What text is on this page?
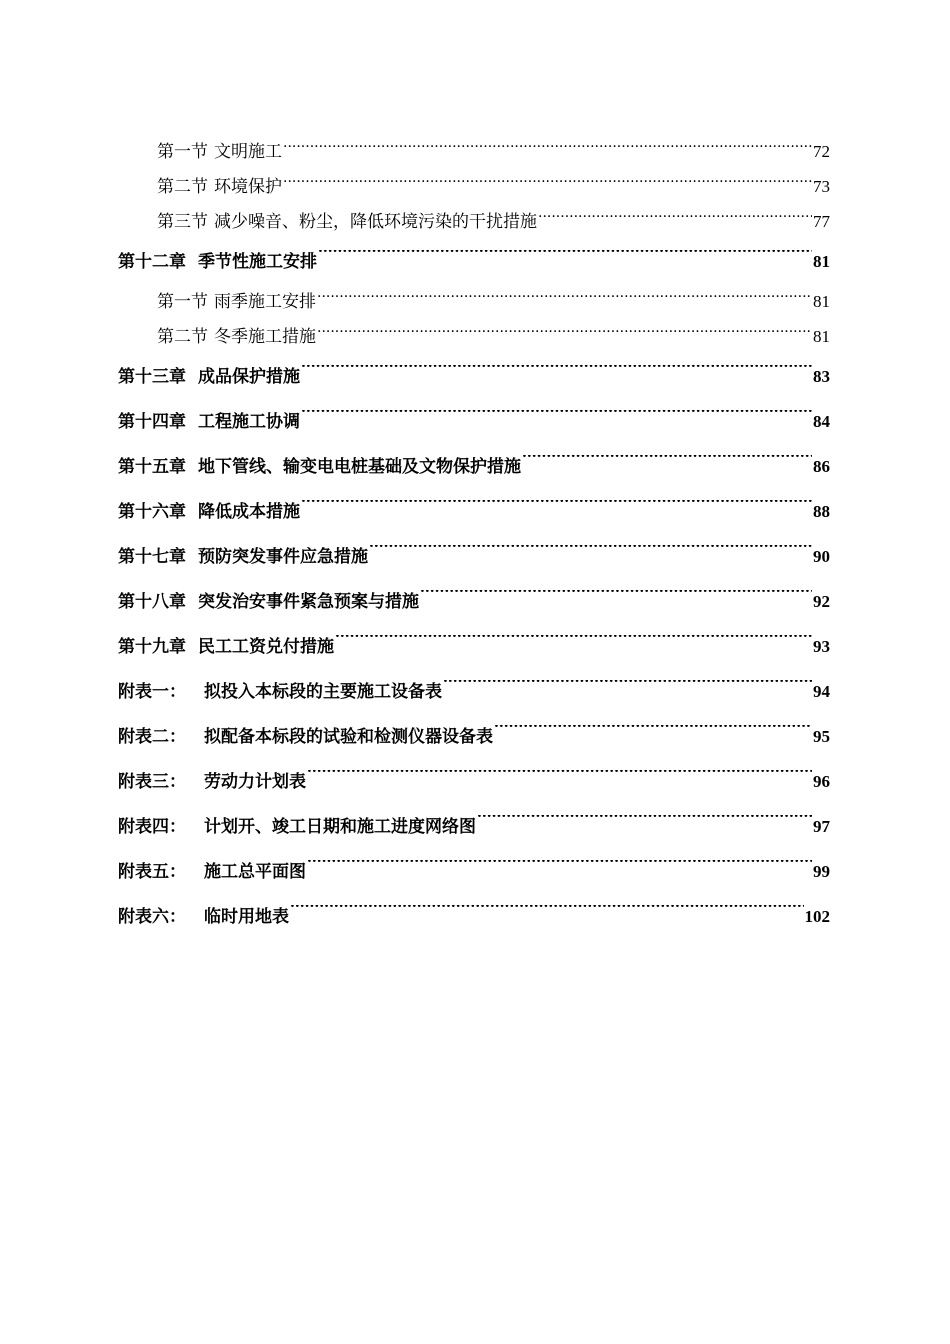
第一节 文明施工 .....	72
第二节 环境保护 .....	73
第三节 减少噪音、粉尘，降低环境污染的干扰措施 .....	77
第十二章 季节性施工安排 .....	81
第一节 雨季施工安排 .....	81
第二节 冬季施工措施 .....	81
第十三章 成品保护措施 .....	83
第十四章 工程施工协调 .....	84
第十五章 地下管线、输变电电桩基础及文物保护措施 .....	86
第十六章 降低成本措施 .....	88
第十七章 预防突发事件应急措施 .....	90
第十八章 突发治安事件紧急预案与措施 .....	92
第十九章 民工工资兑付措施 .....	93
附表一：	拟投入本标段的主要施工设备表 .....	94
附表二：	拟配备本标段的试验和检测仪器设备表 .....	95
附表三：	劳动力计划表 .....	96
附表四：	计划开、竣工日期和施工进度网络图 .....	97
附表五：	施工总平面图 .....	99
附表六：	临时用地表 .....	102
